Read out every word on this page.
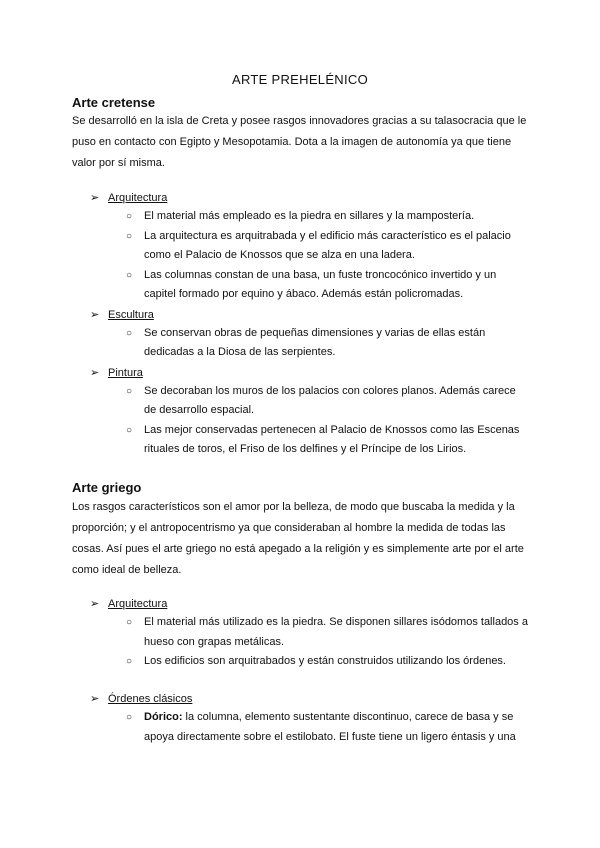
ARTE PREHELÉNICO
Arte cretense
Se desarrolló en la isla de Creta y posee rasgos innovadores gracias a su talasocracia que le puso en contacto con Egipto y Mesopotamia. Dota a la imagen de autonomía ya que tiene valor por sí misma.
➢ Arquitectura
○ El material más empleado es la piedra en sillares y la mampostería.
○ La arquitectura es arquitrabada y el edificio más característico es el palacio como el Palacio de Knossos que se alza en una ladera.
○ Las columnas constan de una basa, un fuste troncocónico invertido y un capitel formado por equino y ábaco. Además están policromadas.
➢ Escultura
○ Se conservan obras de pequeñas dimensiones y varias de ellas están dedicadas a la Diosa de las serpientes.
➢ Pintura
○ Se decoraban los muros de los palacios con colores planos. Además carece de desarrollo espacial.
○ Las mejor conservadas pertenecen al Palacio de Knossos como las Escenas rituales de toros, el Friso de los delfines y el Príncipe de los Lirios.
Arte griego
Los rasgos característicos son el amor por la belleza, de modo que buscaba la medida y la proporción; y el antropocentrismo ya que consideraban al hombre la medida de todas las cosas. Así pues el arte griego no está apegado a la religión y es simplemente arte por el arte como ideal de belleza.
➢ Arquitectura
○ El material más utilizado es la piedra. Se disponen sillares isódomos tallados a hueso con grapas metálicas.
○ Los edificios son arquitrabados y están construidos utilizando los órdenes.
➢ Órdenes clásicos
○ Dórico: la columna, elemento sustentante discontinuo, carece de basa y se apoya directamente sobre el estilobato. El fuste tiene un ligero éntasis y una
